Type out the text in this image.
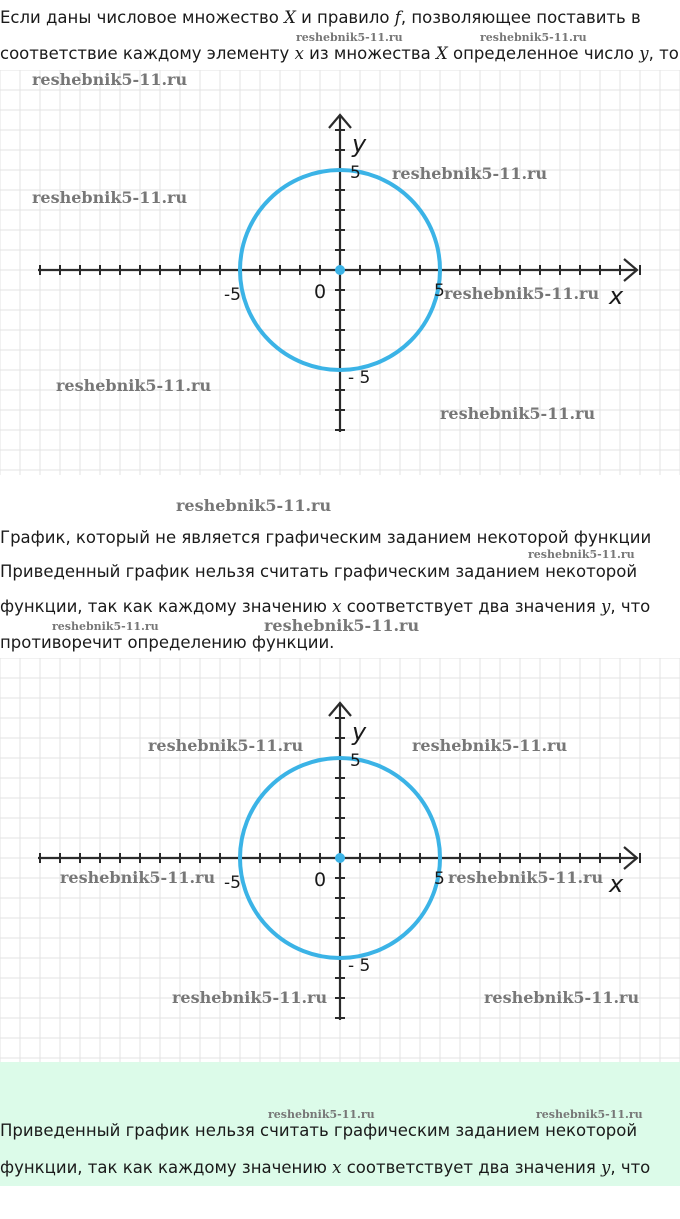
Если даны числовое множество X и правило f, позволяющее поставить в
соответствие каждому элементу x из множества X определенное число y, то
reshebnik5-11.ru	reshebnik5-11.ru
y
x
0	5
-5
5
- 5
reshebnik5-11.ru
reshebnik5-11.ru
reshebnik5-11.ru
reshebnik5-11.ru
reshebnik5-11.ru
reshebnik5-11.ru
reshebnik5-11.ru
График, который не является графическим заданием некоторой функции
reshebnik5-11.ru
Приведенный график нельзя считать графическим заданием некоторой
функции, так как каждому значению x соответствует два значения y, что
reshebnik5-11.ru	reshebnik5-11.ru
противоречит определению функции.
y
x
0	5
-5
5
- 5
reshebnik5-11.ru	reshebnik5-11.ru
reshebnik5-11.ru	reshebnik5-11.ru
reshebnik5-11.ru	reshebnik5-11.ru
reshebnik5-11.ru	reshebnik5-11.ru
Приведенный график нельзя считать графическим заданием некоторой
функции, так как каждому значению x соответствует два значения y, что
